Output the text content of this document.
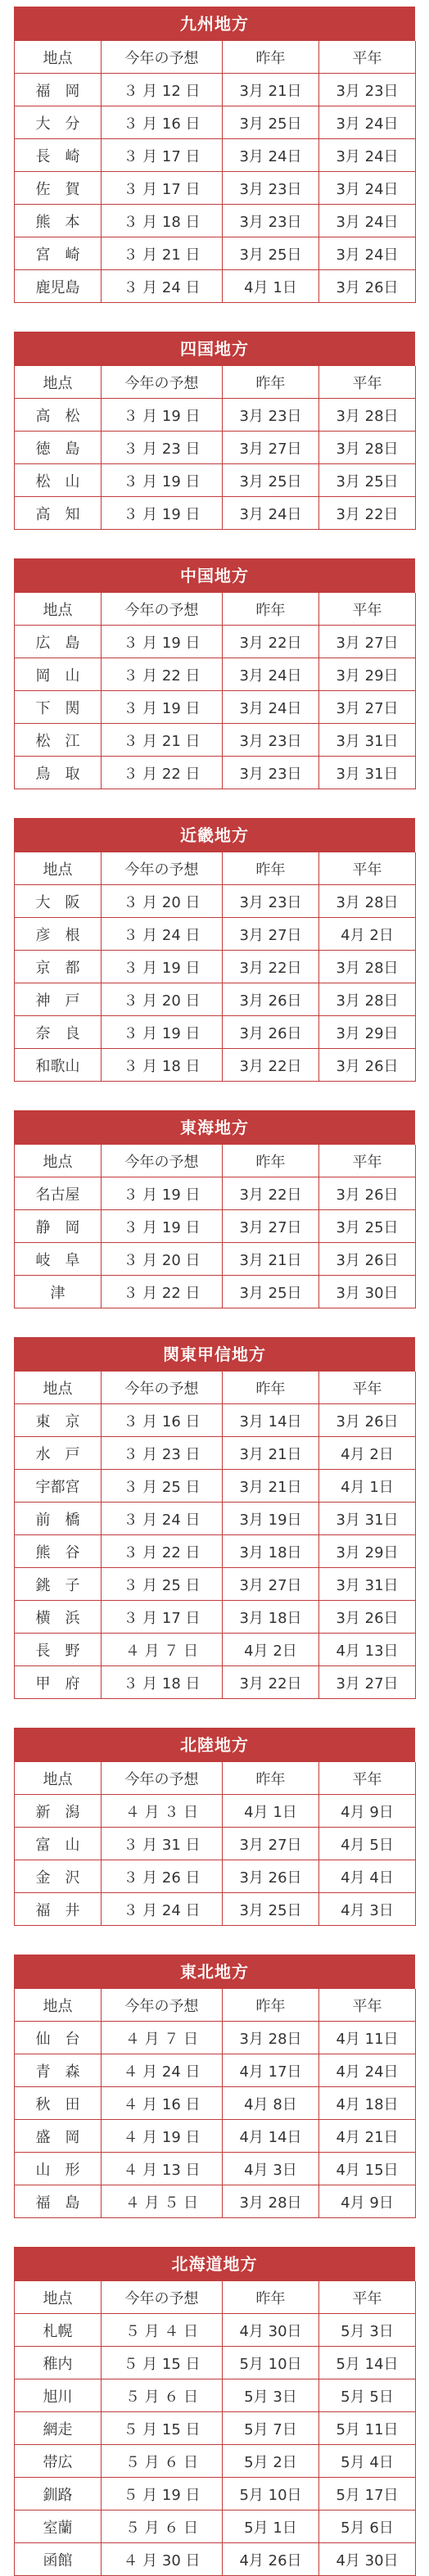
九州地方
地点	今年の予想	昨年	平年
福　岡	３ 月 12 日	3月 21日	3月 23日
大　分	３ 月 16 日	3月 25日	3月 24日
長　崎	３ 月 17 日	3月 24日	3月 24日
佐　賀	３ 月 17 日	3月 23日	3月 24日
熊　本	３ 月 18 日	3月 23日	3月 24日
宮　崎	３ 月 21 日	3月 25日	3月 24日
鹿児島	３ 月 24 日	4月 1日	3月 26日
四国地方
地点	今年の予想	昨年	平年
高　松	３ 月 19 日	3月 23日	3月 28日
徳　島	３ 月 23 日	3月 27日	3月 28日
松　山	３ 月 19 日	3月 25日	3月 25日
高　知	３ 月 19 日	3月 24日	3月 22日
中国地方
地点	今年の予想	昨年	平年
広　島	３ 月 19 日	3月 22日	3月 27日
岡　山	３ 月 22 日	3月 24日	3月 29日
下　関	３ 月 19 日	3月 24日	3月 27日
松　江	３ 月 21 日	3月 23日	3月 31日
鳥　取	３ 月 22 日	3月 23日	3月 31日
近畿地方
地点	今年の予想	昨年	平年
大　阪	３ 月 20 日	3月 23日	3月 28日
彦　根	３ 月 24 日	3月 27日	4月 2日
京　都	３ 月 19 日	3月 22日	3月 28日
神　戸	３ 月 20 日	3月 26日	3月 28日
奈　良	３ 月 19 日	3月 26日	3月 29日
和歌山	３ 月 18 日	3月 22日	3月 26日
東海地方
地点	今年の予想	昨年	平年
名古屋	３ 月 19 日	3月 22日	3月 26日
静　岡	３ 月 19 日	3月 27日	3月 25日
岐　阜	３ 月 20 日	3月 21日	3月 26日
津	３ 月 22 日	3月 25日	3月 30日
関東甲信地方
地点	今年の予想	昨年	平年
東　京	３ 月 16 日	3月 14日	3月 26日
水　戸	３ 月 23 日	3月 21日	4月 2日
宇都宮	３ 月 25 日	3月 21日	4月 1日
前　橋	３ 月 24 日	3月 19日	3月 31日
熊　谷	３ 月 22 日	3月 18日	3月 29日
銚　子	３ 月 25 日	3月 27日	3月 31日
横　浜	３ 月 17 日	3月 18日	3月 26日
長　野	４ 月 ７ 日	4月 2日	4月 13日
甲　府	３ 月 18 日	3月 22日	3月 27日
北陸地方
地点	今年の予想	昨年	平年
新　潟	４ 月 ３ 日	4月 1日	4月 9日
富　山	３ 月 31 日	3月 27日	4月 5日
金　沢	３ 月 26 日	3月 26日	4月 4日
福　井	３ 月 24 日	3月 25日	4月 3日
東北地方
地点	今年の予想	昨年	平年
仙　台	４ 月 ７ 日	3月 28日	4月 11日
青　森	４ 月 24 日	4月 17日	4月 24日
秋　田	４ 月 16 日	4月 8日	4月 18日
盛　岡	４ 月 19 日	4月 14日	4月 21日
山　形	４ 月 13 日	4月 3日	4月 15日
福　島	４ 月 ５ 日	3月 28日	4月 9日
北海道地方
地点	今年の予想	昨年	平年
札幌	５ 月 ４ 日	4月 30日	5月 3日
稚内	５ 月 15 日	5月 10日	5月 14日
旭川	５ 月 ６ 日	5月 3日	5月 5日
網走	５ 月 15 日	5月 7日	5月 11日
帯広	５ 月 ６ 日	5月 2日	5月 4日
釧路	５ 月 19 日	5月 10日	5月 17日
室蘭	５ 月 ６ 日	5月 1日	5月 6日
函館	４ 月 30 日	4月 26日	4月 30日
